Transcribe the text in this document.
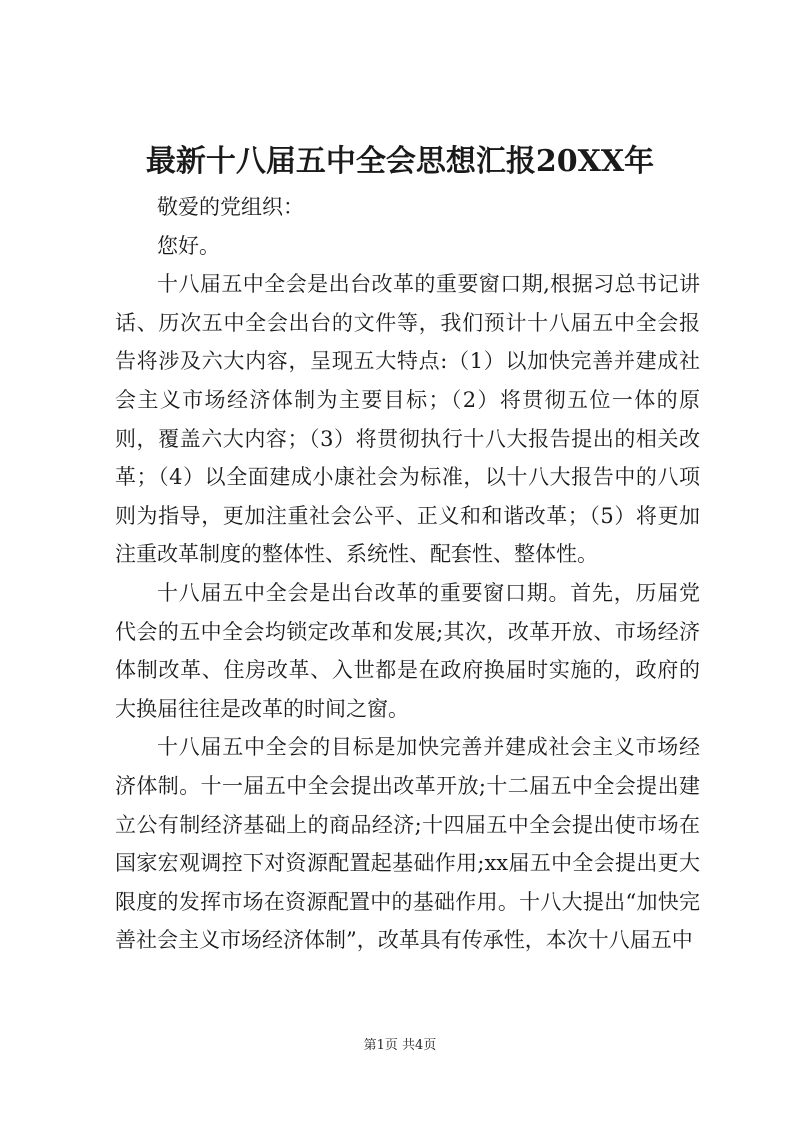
最新十八届五中全会思想汇报20XX年

敬爱的党组织：

您好。

十八届五中全会是出台改革的重要窗口期,根据习总书记讲话、历次五中全会出台的文件等，我们预计十八届五中全会报告将涉及六大内容，呈现五大特点:（1）以加快完善并建成社会主义市场经济体制为主要目标；（2）将贯彻五位一体的原则，覆盖六大内容；（3）将贯彻执行十八大报告提出的相关改革；（4）以全面建成小康社会为标准，以十八大报告中的八项则为指导，更加注重社会公平、正义和和谐改革；（5）将更加注重改革制度的整体性、系统性、配套性、整体性。

十八届五中全会是出台改革的重要窗口期。首先，历届党代会的五中全会均锁定改革和发展;其次，改革开放、市场经济体制改革、住房改革、入世都是在政府换届时实施的，政府的大换届往往是改革的时间之窗。

十八届五中全会的目标是加快完善并建成社会主义市场经济体制。十一届五中全会提出改革开放;十二届五中全会提出建立公有制经济基础上的商品经济;十四届五中全会提出使市场在国家宏观调控下对资源配置起基础作用;xx届五中全会提出更大限度的发挥市场在资源配置中的基础作用。十八大提出“加快完善社会主义市场经济体制”，改革具有传承性，本次十八届五中

第1页 共4页
